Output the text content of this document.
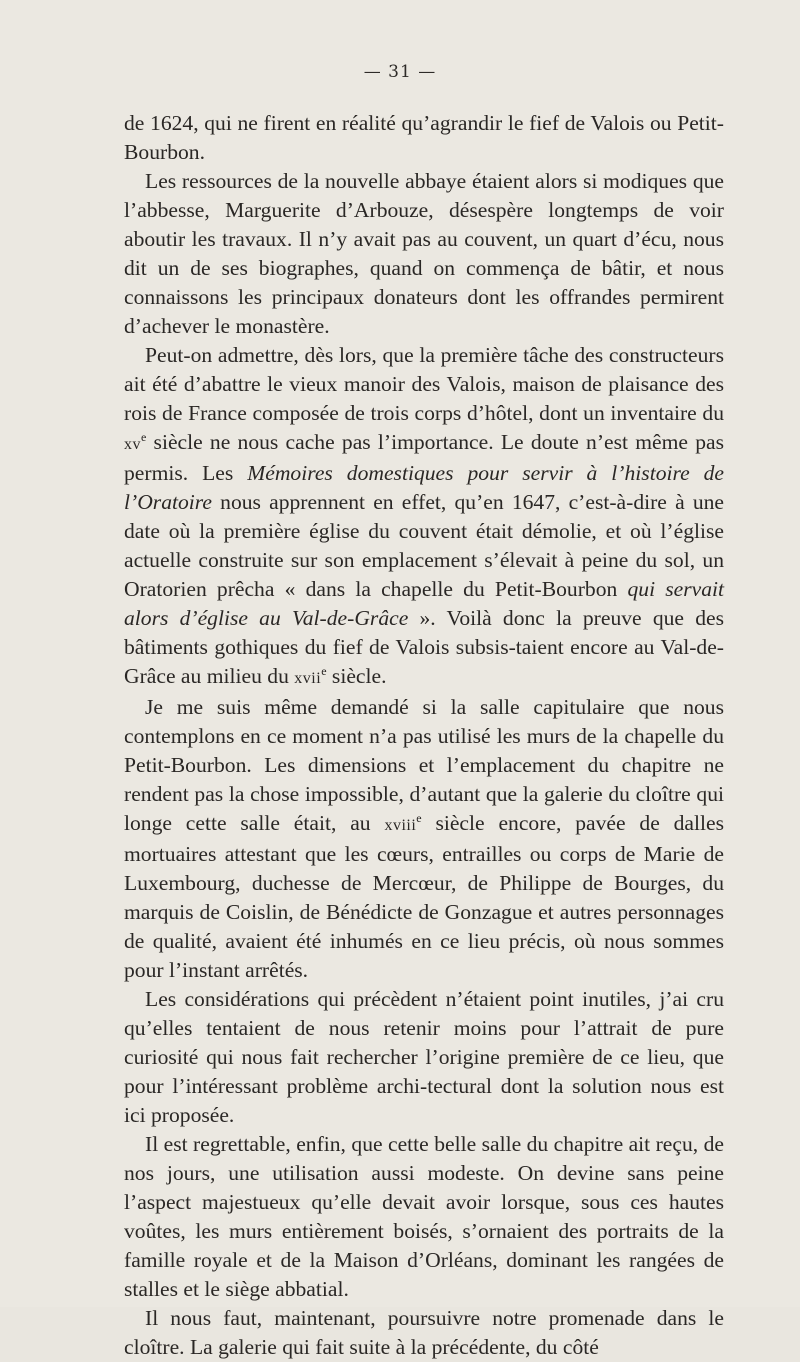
— 31 —

de 1624, qui ne firent en réalité qu’agrandir le fief de Valois ou Petit-Bourbon.

Les ressources de la nouvelle abbaye étaient alors si modiques que l’abbesse, Marguerite d’Arbouze, désespère longtemps de voir aboutir les travaux. Il n’y avait pas au couvent, un quart d’écu, nous dit un de ses biographes, quand on commença de bâtir, et nous connaissons les principaux donateurs dont les offrandes permirent d’achever le monastère.

Peut-on admettre, dès lors, que la première tâche des constructeurs ait été d’abattre le vieux manoir des Valois, maison de plaisance des rois de France composée de trois corps d’hôtel, dont un inventaire du $xv^e$ siècle ne nous cache pas l’importance. Le doute n’est même pas permis. Les Mémoires domestiques pour servir à l’histoire de l’Oratoire nous apprennent en effet, qu’en 1647, c’est-à-dire à une date où la première église du couvent était démolie, et où l’église actuelle construite sur son emplacement s’élevait à peine du sol, un Oratorien prêcha « dans la chapelle du Petit-Bourbon qui servait alors d’église au Val-de-Grâce ». Voilà donc la preuve que des bâtiments gothiques du fief de Valois subsis-taient encore au Val-de-Grâce au milieu du xvii$^e$ siècle.

Je me suis même demandé si la salle capitulaire que nous contemplons en ce moment n’a pas utilisé les murs de la chapelle du Petit-Bourbon. Les dimensions et l’emplacement du chapitre ne rendent pas la chose impossible, d’autant que la galerie du cloître qui longe cette salle était, au xviii$^e$ siècle encore, pavée de dalles mortuaires attestant que les cœurs, entrailles ou corps de Marie de Luxembourg, duchesse de Mercœur, de Philippe de Bourges, du marquis de Coislin, de Bénédicte de Gonzague et autres personnages de qualité, avaient été inhumés en ce lieu précis, où nous sommes pour l’instant arrêtés.

Les considérations qui précèdent n’étaient point inutiles, j’ai cru qu’elles tentaient de nous retenir moins pour l’attrait de pure curiosité qui nous fait rechercher l’origine première de ce lieu, que pour l’intéressant problème archi-tectural dont la solution nous est ici proposée.

Il est regrettable, enfin, que cette belle salle du chapitre ait reçu, de nos jours, une utilisation aussi modeste. On devine sans peine l’aspect majestueux qu’elle devait avoir lorsque, sous ces hautes voûtes, les murs entièrement boisés, s’ornaient des portraits de la famille royale et de la Maison d’Orléans, dominant les rangées de stalles et le siège abbatial.

Il nous faut, maintenant, poursuivre notre promenade dans le cloître. La galerie qui fait suite à la précédente, du côté
